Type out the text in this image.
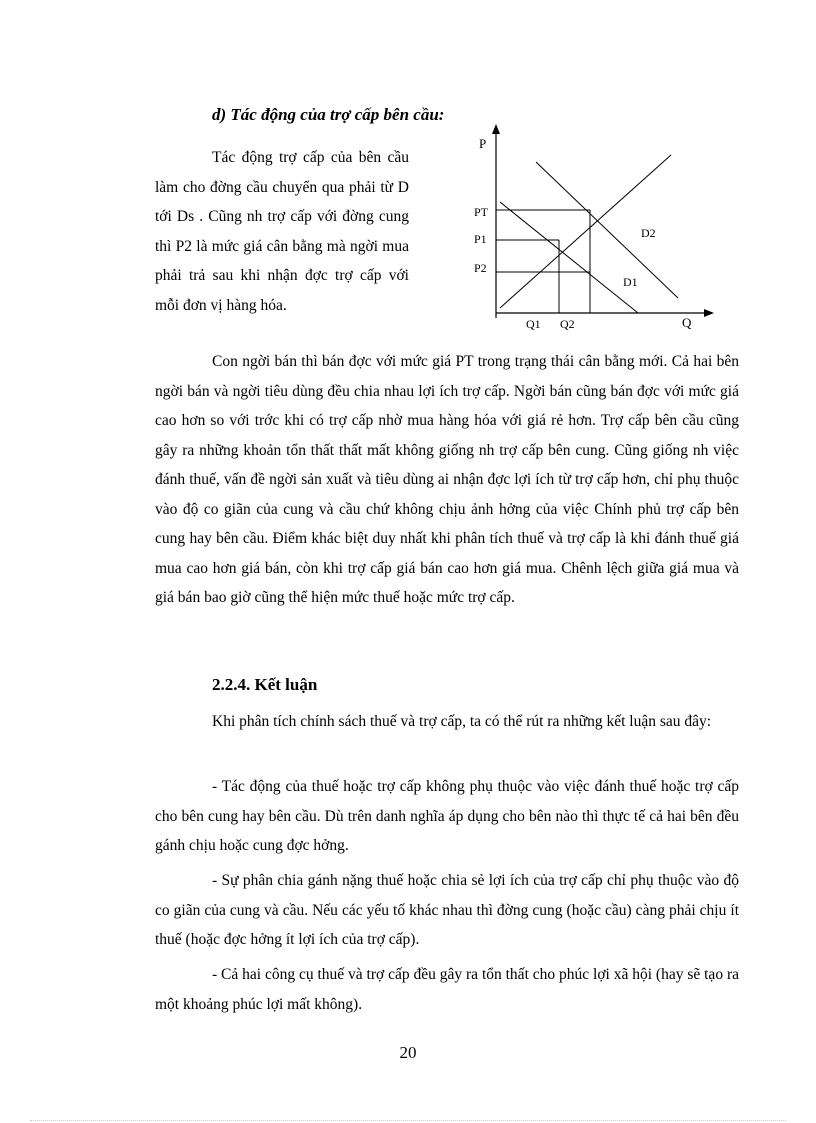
d) Tác động của trợ cấp bên cầu:

Tác động trợ cấp của bên cầu làm cho đờng cầu chuyển qua phải từ D tới Ds . Cũng nh trợ cấp với đờng cung thì P2 là mức giá cân bằng mà ngời mua phải trả sau khi nhận đợc trợ cấp với mỗi đơn vị hàng hóa.

P
Q
PT
P1
P2
Q1 Q2
D2
D1

Con ngời bán thì bán đợc với mức giá PT trong trạng thái cân bằng mới. Cả hai bên ngời bán và ngời tiêu dùng đều chia nhau lợi ích trợ cấp. Ngời bán cũng bán đợc với mức giá cao hơn so với trớc khi có trợ cấp nhờ mua hàng hóa với giá rẻ hơn. Trợ cấp bên cầu cũng gây ra những khoản tổn thất thất mất không giống nh trợ cấp bên cung. Cũng giống nh việc đánh thuế, vấn đề ngời sản xuất và tiêu dùng ai nhận đợc lợi ích từ trợ cấp hơn, chỉ phụ thuộc vào độ co giãn của cung và cầu chứ không chịu ảnh hởng của việc Chính phủ trợ cấp bên cung hay bên cầu. Điểm khác biệt duy nhất khi phân tích thuế và trợ cấp là khi đánh thuế giá mua cao hơn giá bán, còn khi trợ cấp giá bán cao hơn giá mua. Chênh lệch giữa giá mua và giá bán bao giờ cũng thể hiện mức thuế hoặc mức trợ cấp.

2.2.4. Kết luận

Khi phân tích chính sách thuế và trợ cấp, ta có thể rút ra những kết luận sau đây:

- Tác động của thuế hoặc trợ cấp không phụ thuộc vào việc đánh thuế hoặc trợ cấp cho bên cung hay bên cầu. Dù trên danh nghĩa áp dụng cho bên nào thì thực tế cả hai bên đều gánh chịu hoặc cung đợc hởng.

- Sự phân chia gánh nặng thuế hoặc chia sẻ lợi ích của trợ cấp chỉ phụ thuộc vào độ co giãn của cung và cầu. Nếu các yếu tố khác nhau thì đờng cung (hoặc cầu) càng phải chịu ít thuế (hoặc đợc hởng ít lợi ích của trợ cấp).

- Cả hai công cụ thuế và trợ cấp đều gây ra tổn thất cho phúc lợi xã hội (hay sẽ tạo ra một khoảng phúc lợi mất không).

20
